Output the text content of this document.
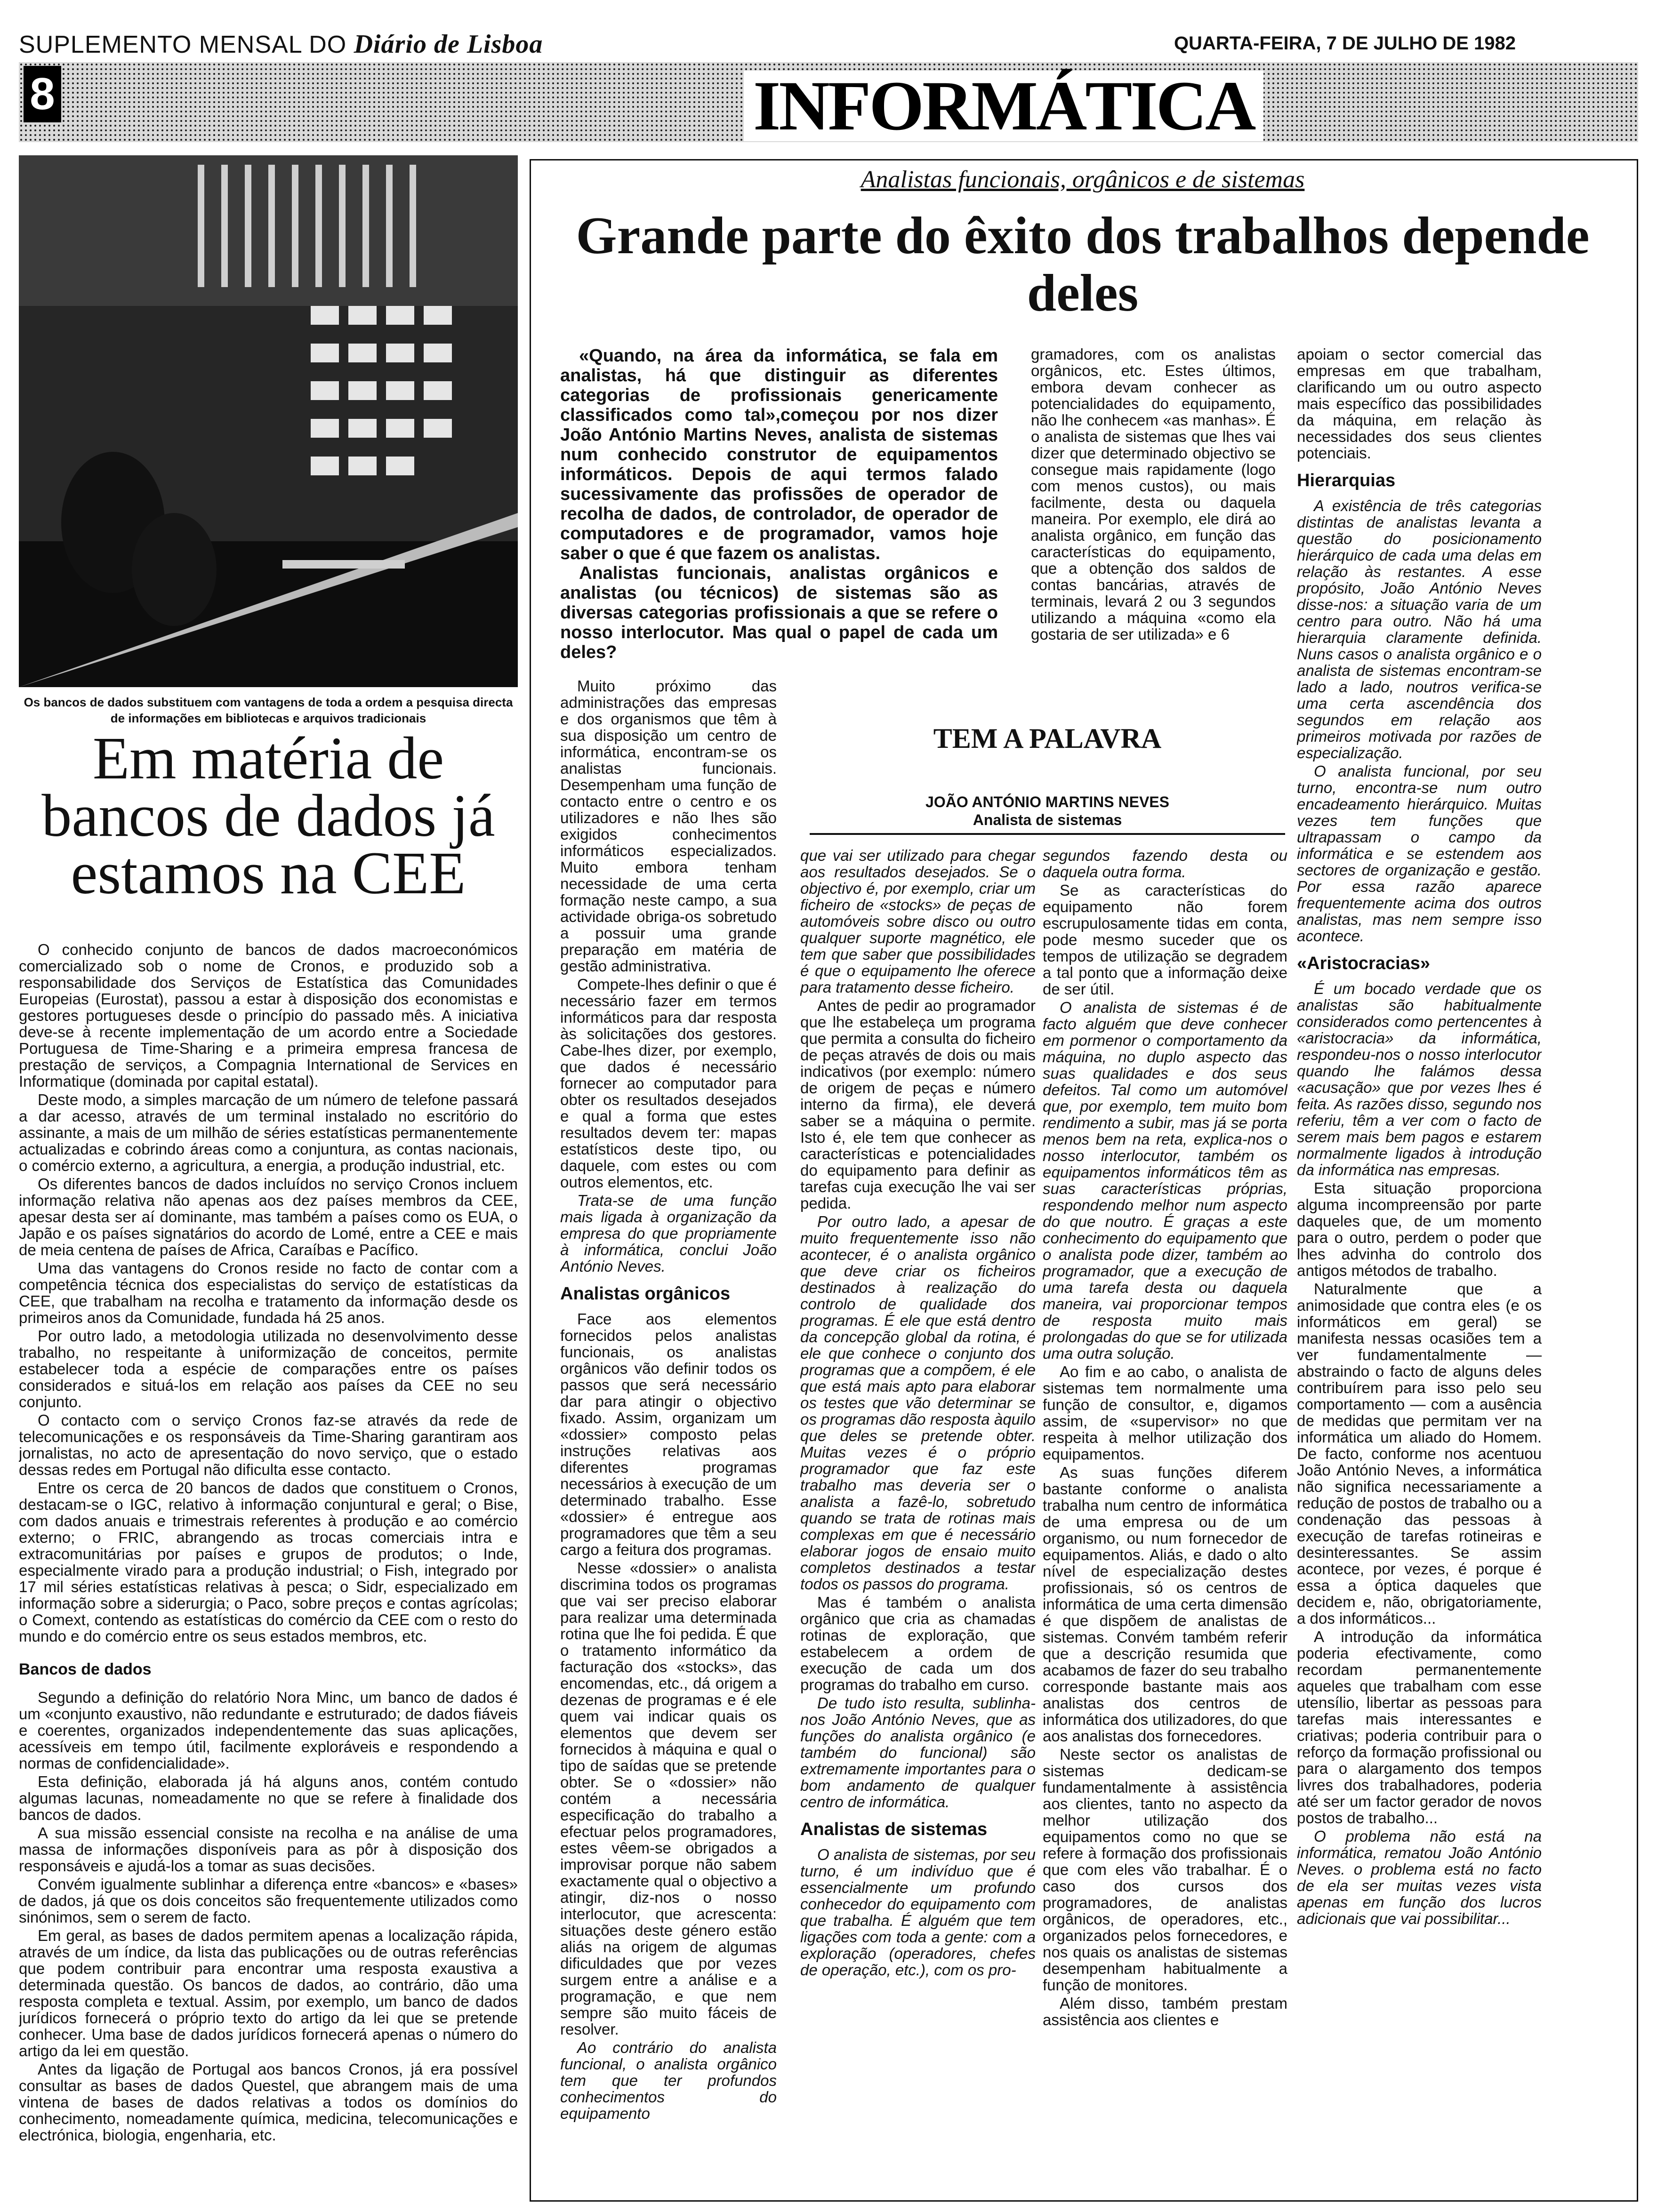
SUPLEMENTO MENSAL DO Diário de Lisboa	QUARTA-FEIRA, 7 DE JULHO DE 1982
8	INFORMÁTICA
Os bancos de dados substituem com vantagens de toda a ordem a pesquisa directa de informações em bibliotecas e arquivos tradicionais
Em matéria de bancos de dados já estamos na CEE

O conhecido conjunto de bancos de dados macroeconómicos comercializado sob o nome de Cronos, e produzido sob a responsabilidade dos Serviços de Estatística das Comunidades Europeias (Eurostat), passou a estar à disposição dos economistas e gestores portugueses desde o princípio do passado mês. A iniciativa deve-se à recente implementação de um acordo entre a Sociedade Portuguesa de Time-Sharing e a primeira empresa francesa de prestação de serviços, a Compagnia International de Services en Informatique (dominada por capital estatal).

Deste modo, a simples marcação de um número de telefone passará a dar acesso, através de um terminal instalado no escritório do assinante, a mais de um milhão de séries estatísticas permanentemente actualizadas e cobrindo áreas como a conjuntura, as contas nacionais, o comércio externo, a agricultura, a energia, a produção industrial, etc.

Os diferentes bancos de dados incluídos no serviço Cronos incluem informação relativa não apenas aos dez países membros da CEE, apesar desta ser aí dominante, mas também a países como os EUA, o Japão e os países signatários do acordo de Lomé, entre a CEE e mais de meia centena de países de Africa, Caraíbas e Pacífico.

Uma das vantagens do Cronos reside no facto de contar com a competência técnica dos especialistas do serviço de estatísticas da CEE, que trabalham na recolha e tratamento da informação desde os primeiros anos da Comunidade, fundada há 25 anos.

Por outro lado, a metodologia utilizada no desenvolvimento desse trabalho, no respeitante à uniformização de conceitos, permite estabelecer toda a espécie de comparações entre os países considerados e situá-los em relação aos países da CEE no seu conjunto.

O contacto com o serviço Cronos faz-se através da rede de telecomunicações e os responsáveis da Time-Sharing garantiram aos jornalistas, no acto de apresentação do novo serviço, que o estado dessas redes em Portugal não dificulta esse contacto.

Entre os cerca de 20 bancos de dados que constituem o Cronos, destacam-se o IGC, relativo à informação conjuntural e geral; o Bise, com dados anuais e trimestrais referentes à produção e ao comércio externo; o FRIC, abrangendo as trocas comerciais intra e extracomunitárias por países e grupos de produtos; o Inde, especialmente virado para a produção industrial; o Fish, integrado por 17 mil séries estatísticas relativas à pesca; o Sidr, especializado em informação sobre a siderurgia; o Paco, sobre preços e contas agrícolas; o Comext, contendo as estatísticas do comércio da CEE com o resto do mundo e do comércio entre os seus estados membros, etc.

Bancos de dados

Segundo a definição do relatório Nora Minc, um banco de dados é um «conjunto exaustivo, não redundante e estruturado; de dados fiáveis e coerentes, organizados independentemente das suas aplicações, acessíveis em tempo útil, facilmente exploráveis e respondendo a normas de confidencialidade».

Esta definição, elaborada já há alguns anos, contém contudo algumas lacunas, nomeadamente no que se refere à finalidade dos bancos de dados.

A sua missão essencial consiste na recolha e na análise de uma massa de informações disponíveis para as pôr à disposição dos responsáveis e ajudá-los a tomar as suas decisões.

Convém igualmente sublinhar a diferença entre «bancos» e «bases» de dados, já que os dois conceitos são frequentemente utilizados como sinónimos, sem o serem de facto.

Em geral, as bases de dados permitem apenas a localização rápida, através de um índice, da lista das publicações ou de outras referências que podem contribuir para encontrar uma resposta exaustiva a determinada questão. Os bancos de dados, ao contrário, dão uma resposta completa e textual. Assim, por exemplo, um banco de dados jurídicos fornecerá o próprio texto do artigo da lei que se pretende conhecer. Uma base de dados jurídicos fornecerá apenas o número do artigo da lei em questão.

Antes da ligação de Portugal aos bancos Cronos, já era possível consultar as bases de dados Questel, que abrangem mais de uma vintena de bases de dados relativas a todos os domínios do conhecimento, nomeadamente química, medicina, telecomunicações e electrónica, biologia, engenharia, etc.

Analistas funcionais, orgânicos e de sistemas
Grande parte do êxito dos trabalhos depende deles

«Quando, na área da informática, se fala em analistas, há que distinguir as diferentes categorias de profissionais genericamente classificados como tal»,começou por nos dizer João António Martins Neves, analista de sistemas num conhecido construtor de equipamentos informáticos. Depois de aqui termos falado sucessivamente das profissões de operador de recolha de dados, de controlador, de operador de computadores e de programador, vamos hoje saber o que é que fazem os analistas.

Analistas funcionais, analistas orgânicos e analistas (ou técnicos) de sistemas são as diversas categorias profissionais a que se refere o nosso interlocutor. Mas qual o papel de cada um deles?

gramadores, com os analistas orgânicos, etc. Estes últimos, embora devam conhecer as potencialidades do equipamento, não lhe conhecem «as manhas». É o analista de sistemas que lhes vai dizer que determinado objectivo se consegue mais rapidamente (logo com menos custos), ou mais facilmente, desta ou daquela maneira. Por exemplo, ele dirá ao analista orgânico, em função das características do equipamento, que a obtenção dos saldos de contas bancárias, através de terminais, levará 2 ou 3 segundos utilizando a máquina «como ela gostaria de ser utilizada» e 6

apoiam o sector comercial das empresas em que trabalham, clarificando um ou outro aspecto mais específico das possibilidades da máquina, em relação às necessidades dos seus clientes potenciais.

Hierarquias

A existência de três categorias distintas de analistas levanta a questão do posicionamento hierárquico de cada uma delas em relação às restantes. A esse propósito, João António Neves disse-nos: a situação varia de um centro para outro. Não há uma hierarquia claramente definida. Nuns casos o analista orgânico e o analista de sistemas encontram-se lado a lado, noutros verifica-se uma certa ascendência dos segundos em relação aos primeiros motivada por razões de especialização.

O analista funcional, por seu turno, encontra-se num outro encadeamento hierárquico. Muitas vezes tem funções que ultrapassam o campo da informática e se estendem aos sectores de organização e gestão. Por essa razão aparece frequentemente acima dos outros analistas, mas nem sempre isso acontece.

«Aristocracias»

É um bocado verdade que os analistas são habitualmente considerados como pertencentes à «aristocracia» da informática, respondeu-nos o nosso interlocutor quando lhe falámos dessa «acusação» que por vezes lhes é feita. As razões disso, segundo nos referiu, têm a ver com o facto de serem mais bem pagos e estarem normalmente ligados à introdução da informática nas empresas.

Esta situação proporciona alguma incompreensão por parte daqueles que, de um momento para o outro, perdem o poder que lhes advinha do controlo dos antigos métodos de trabalho.

Naturalmente que a animosidade que contra eles (e os informáticos em geral) se manifesta nessas ocasiões tem a ver fundamentalmente — abstraindo o facto de alguns deles contribuírem para isso pelo seu comportamento — com a ausência de medidas que permitam ver na informática um aliado do Homem. De facto, conforme nos acentuou João António Neves, a informática não significa necessariamente a redução de postos de trabalho ou a condenação das pessoas à execução de tarefas rotineiras e desinteressantes. Se assim acontece, por vezes, é porque é essa a óptica daqueles que decidem e, não, obrigatoriamente, a dos informáticos...

A introdução da informática poderia efectivamente, como recordam permanentemente aqueles que trabalham com esse utensílio, libertar as pessoas para tarefas mais interessantes e criativas; poderia contribuir para o reforço da formação profissional ou para o alargamento dos tempos livres dos trabalhadores, poderia até ser um factor gerador de novos postos de trabalho...

O problema não está na informática, rematou João António Neves. o problema está no facto de ela ser muitas vezes vista apenas em função dos lucros adicionais que vai possibilitar...

TEM A PALAVRA
JOÃO ANTÓNIO MARTINS NEVES
Analista de sistemas

Muito próximo das administrações das empresas e dos organismos que têm à sua disposição um centro de informática, encontram-se os analistas funcionais. Desempenham uma função de contacto entre o centro e os utilizadores e não lhes são exigidos conhecimentos informáticos especializados. Muito embora tenham necessidade de uma certa formação neste campo, a sua actividade obriga-os sobretudo a possuir uma grande preparação em matéria de gestão administrativa.

Compete-lhes definir o que é necessário fazer em termos informáticos para dar resposta às solicitações dos gestores. Cabe-lhes dizer, por exemplo, que dados é necessário fornecer ao computador para obter os resultados desejados e qual a forma que estes resultados devem ter: mapas estatísticos deste tipo, ou daquele, com estes ou com outros elementos, etc.

Trata-se de uma função mais ligada à organização da empresa do que propriamente à informática, conclui João António Neves.

Analistas orgânicos

Face aos elementos fornecidos pelos analistas funcionais, os analistas orgânicos vão definir todos os passos que será necessário dar para atingir o objectivo fixado. Assim, organizam um «dossier» composto pelas instruções relativas aos diferentes programas necessários à execução de um determinado trabalho. Esse «dossier» é entregue aos programadores que têm a seu cargo a feitura dos programas.

Nesse «dossier» o analista discrimina todos os programas que vai ser preciso elaborar para realizar uma determinada rotina que lhe foi pedida. É que o tratamento informático da facturação dos «stocks», das encomendas, etc., dá origem a dezenas de programas e é ele quem vai indicar quais os elementos que devem ser fornecidos à máquina e qual o tipo de saídas que se pretende obter. Se o «dossier» não contém a necessária especificação do trabalho a efectuar pelos programadores, estes vêem-se obrigados a improvisar porque não sabem exactamente qual o objectivo a atingir, diz-nos o nosso interlocutor, que acrescenta: situações deste género estão aliás na origem de algumas dificuldades que por vezes surgem entre a análise e a programação, e que nem sempre são muito fáceis de resolver.

Ao contrário do analista funcional, o analista orgânico tem que ter profundos conhecimentos do equipamento

que vai ser utilizado para chegar aos resultados desejados. Se o objectivo é, por exemplo, criar um ficheiro de «stocks» de peças de automóveis sobre disco ou outro qualquer suporte magnético, ele tem que saber que possibilidades é que o equipamento lhe oferece para tratamento desse ficheiro.

Antes de pedir ao programador que lhe estabeleça um programa que permita a consulta do ficheiro de peças através de dois ou mais indicativos (por exemplo: número de origem de peças e número interno da firma), ele deverá saber se a máquina o permite. Isto é, ele tem que conhecer as características e potencialidades do equipamento para definir as tarefas cuja execução lhe vai ser pedida.

Por outro lado, a apesar de muito frequentemente isso não acontecer, é o analista orgânico que deve criar os ficheiros destinados à realização do controlo de qualidade dos programas. É ele que está dentro da concepção global da rotina, é ele que conhece o conjunto dos programas que a compõem, é ele que está mais apto para elaborar os testes que vão determinar se os programas dão resposta àquilo que deles se pretende obter. Muitas vezes é o próprio programador que faz este trabalho mas deveria ser o analista a fazê-lo, sobretudo quando se trata de rotinas mais complexas em que é necessário elaborar jogos de ensaio muito completos destinados a testar todos os passos do programa.

Mas é também o analista orgânico que cria as chamadas rotinas de exploração, que estabelecem a ordem de execução de cada um dos programas do trabalho em curso.

De tudo isto resulta, sublinha-nos João António Neves, que as funções do analista orgânico (e também do funcional) são extremamente importantes para o bom andamento de qualquer centro de informática.

Analistas de sistemas

O analista de sistemas, por seu turno, é um indivíduo que é essencialmente um profundo conhecedor do equipamento com que trabalha. É alguém que tem ligações com toda a gente: com a exploração (operadores, chefes de operação, etc.), com os pro-

segundos fazendo desta ou daquela outra forma.

Se as características do equipamento não forem escrupulosamente tidas em conta, pode mesmo suceder que os tempos de utilização se degradem a tal ponto que a informação deixe de ser útil.

O analista de sistemas é de facto alguém que deve conhecer em pormenor o comportamento da máquina, no duplo aspecto das suas qualidades e dos seus defeitos. Tal como um automóvel que, por exemplo, tem muito bom rendimento a subir, mas já se porta menos bem na reta, explica-nos o nosso interlocutor, também os equipamentos informáticos têm as suas características próprias, respondendo melhor num aspecto do que noutro. É graças a este conhecimento do equipamento que o analista pode dizer, também ao programador, que a execução de uma tarefa desta ou daquela maneira, vai proporcionar tempos de resposta muito mais prolongadas do que se for utilizada uma outra solução.

Ao fim e ao cabo, o analista de sistemas tem normalmente uma função de consultor, e, digamos assim, de «supervisor» no que respeita à melhor utilização dos equipamentos.

As suas funções diferem bastante conforme o analista trabalha num centro de informática de uma empresa ou de um organismo, ou num fornecedor de equipamentos. Aliás, e dado o alto nível de especialização destes profissionais, só os centros de informática de uma certa dimensão é que dispõem de analistas de sistemas. Convém também referir que a descrição resumida que acabamos de fazer do seu trabalho corresponde bastante mais aos analistas dos centros de informática dos utilizadores, do que aos analistas dos fornecedores.

Neste sector os analistas de sistemas dedicam-se fundamentalmente à assistência aos clientes, tanto no aspecto da melhor utilização dos equipamentos como no que se refere à formação dos profissionais que com eles vão trabalhar. É o caso dos cursos dos programadores, de analistas orgânicos, de operadores, etc., organizados pelos fornecedores, e nos quais os analistas de sistemas desempenham habitualmente a função de monitores.

Além disso, também prestam assistência aos clientes e
